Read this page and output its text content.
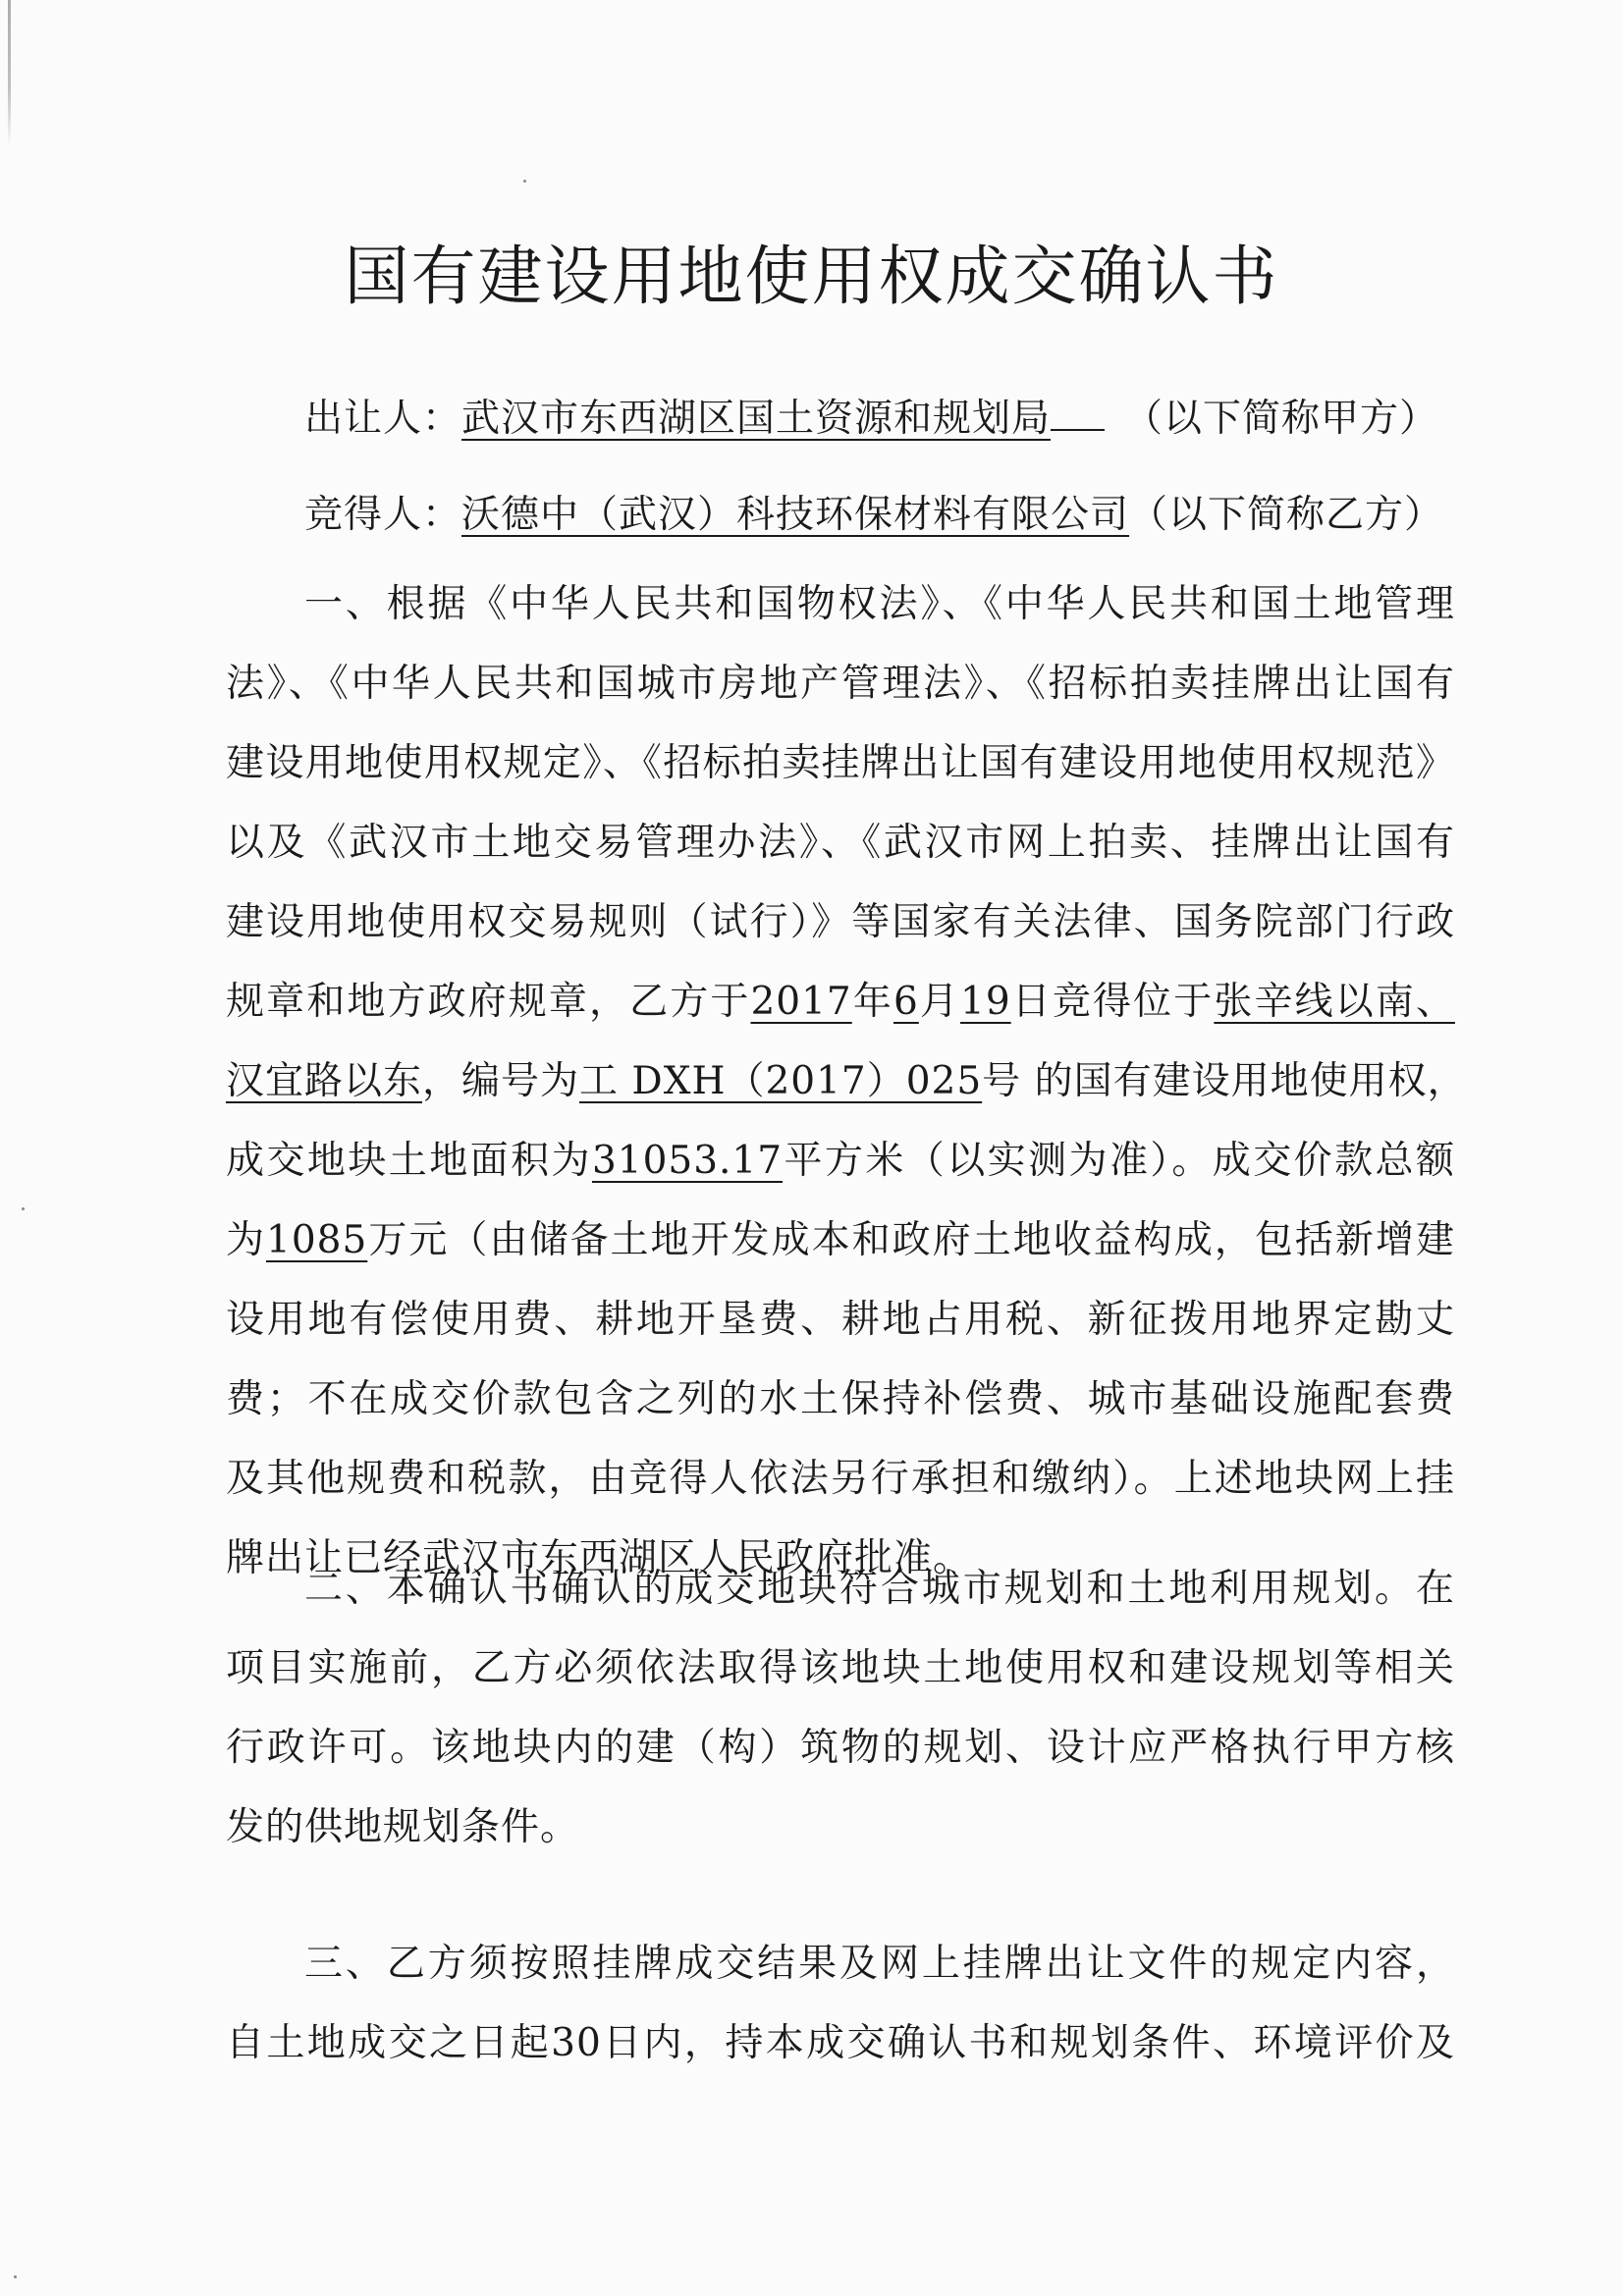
国有建设用地使用权成交确认书
出让人：武汉市东西湖区国土资源和规划局 （以下简称甲方）
竞得人：沃德中（武汉）科技环保材料有限公司（以下简称乙方）
一、根据《中华人民共和国物权法》、《中华人民共和国土地管理
法》、《中华人民共和国城市房地产管理法》、《招标拍卖挂牌出让国有
建设用地使用权规定》、《招标拍卖挂牌出让国有建设用地使用权规范》
以及《武汉市土地交易管理办法》、《武汉市网上拍卖、挂牌出让国有
建设用地使用权交易规则（试行）》等国家有关法律、国务院部门行政
规章和地方政府规章，乙方于2017年6月19日竞得位于张辛线以南、
汉宜路以东，编号为工 DXH（2017）025号 的国有建设用地使用权，
成交地块土地面积为31053.17平方米（以实测为准）。成交价款总额
为1085万元（由储备土地开发成本和政府土地收益构成，包括新增建
设用地有偿使用费、耕地开垦费、耕地占用税、新征拨用地界定勘丈
费；不在成交价款包含之列的水土保持补偿费、城市基础设施配套费
及其他规费和税款，由竞得人依法另行承担和缴纳）。上述地块网上挂
牌出让已经武汉市东西湖区人民政府批准。
二、本确认书确认的成交地块符合城市规划和土地利用规划。在
项目实施前，乙方必须依法取得该地块土地使用权和建设规划等相关
行政许可。该地块内的建（构）筑物的规划、设计应严格执行甲方核
发的供地规划条件。
三、乙方须按照挂牌成交结果及网上挂牌出让文件的规定内容，
自土地成交之日起30日内，持本成交确认书和规划条件、环境评价及
